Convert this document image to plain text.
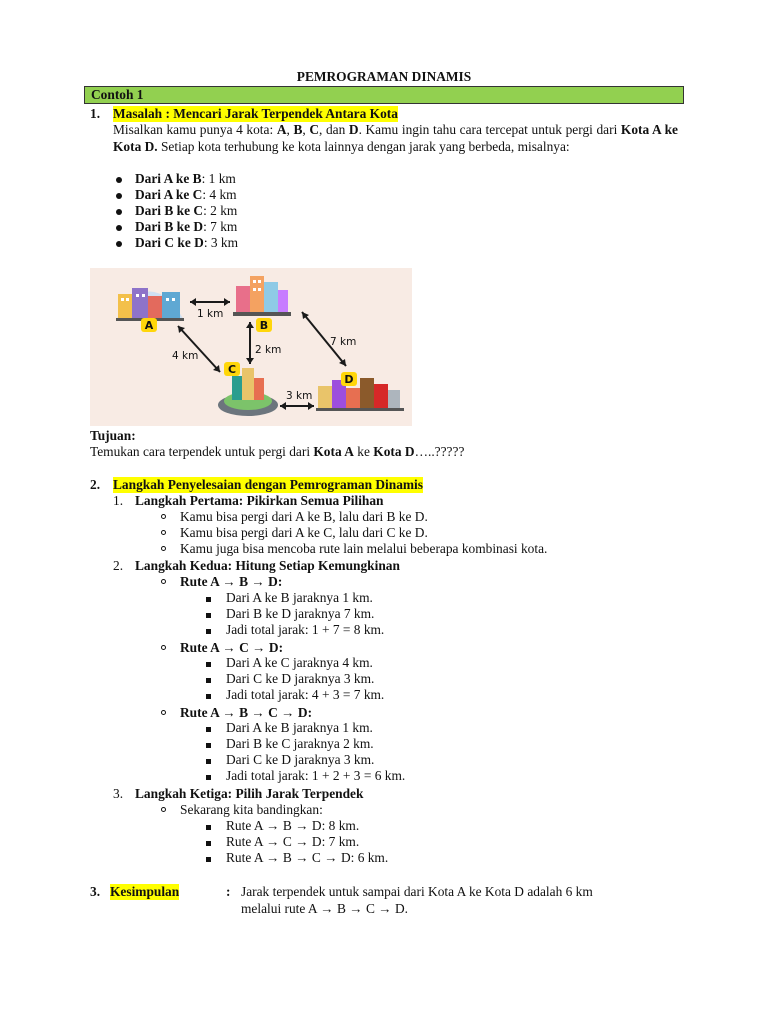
PEMROGRAMAN DINAMIS
Contoh 1
1. Masalah : Mencari Jarak Terpendek Antara Kota
Misalkan kamu punya 4 kota: A, B, C, dan D. Kamu ingin tahu cara tercepat untuk pergi dari Kota A ke Kota D. Setiap kota terhubung ke kota lainnya dengan jarak yang berbeda, misalnya:
Dari A ke B: 1 km
Dari A ke C: 4 km
Dari B ke C: 2 km
Dari B ke D: 7 km
Dari C ke D: 3 km
A	B
C
D
1 km
4 km	2 km
7 km
3 km
Tujuan:
Temukan cara terpendek untuk pergi dari Kota A ke Kota D…..?????
2. Langkah Penyelesaian dengan Pemrograman Dinamis
1. Langkah Pertama: Pikirkan Semua Pilihan
Kamu bisa pergi dari A ke B, lalu dari B ke D.
Kamu bisa pergi dari A ke C, lalu dari C ke D.
Kamu juga bisa mencoba rute lain melalui beberapa kombinasi kota.
2. Langkah Kedua: Hitung Setiap Kemungkinan
Rute A → B → D:
Dari A ke B jaraknya 1 km.
Dari B ke D jaraknya 7 km.
Jadi total jarak: 1 + 7 = 8 km.
Rute A → C → D:
Dari A ke C jaraknya 4 km.
Dari C ke D jaraknya 3 km.
Jadi total jarak: 4 + 3 = 7 km.
Rute A → B → C → D:
Dari A ke B jaraknya 1 km.
Dari B ke C jaraknya 2 km.
Dari C ke D jaraknya 3 km.
Jadi total jarak: 1 + 2 + 3 = 6 km.
3. Langkah Ketiga: Pilih Jarak Terpendek
Sekarang kita bandingkan:
Rute A → B → D: 8 km.
Rute A → C → D: 7 km.
Rute A → B → C → D: 6 km.
3. Kesimpulan	: Jarak terpendek untuk sampai dari Kota A ke Kota D adalah 6 km
melalui rute A → B → C → D.
